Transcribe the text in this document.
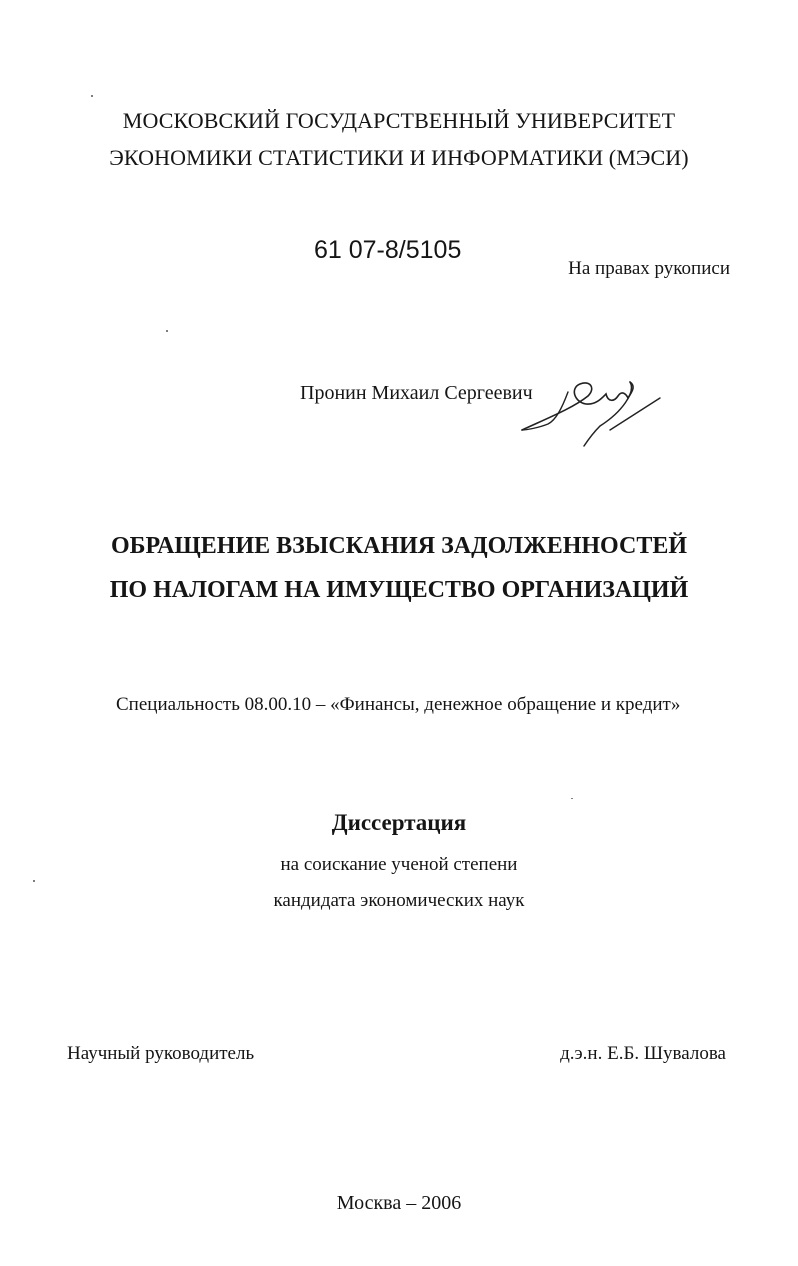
МОСКОВСКИЙ ГОСУДАРСТВЕННЫЙ УНИВЕРСИТЕТ
ЭКОНОМИКИ СТАТИСТИКИ И ИНФОРМАТИКИ (МЭСИ)
61 07-8/5105
На правах рукописи
Пронин Михаил Сергеевич
ОБРАЩЕНИЕ ВЗЫСКАНИЯ ЗАДОЛЖЕННОСТЕЙ
ПО НАЛОГАМ НА ИМУЩЕСТВО ОРГАНИЗАЦИЙ
Специальность 08.00.10 – «Финансы, денежное обращение и кредит»
Диссертация
на соискание ученой степени
кандидата экономических наук
Научный руководитель	д.э.н. Е.Б. Шувалова
Москва – 2006
